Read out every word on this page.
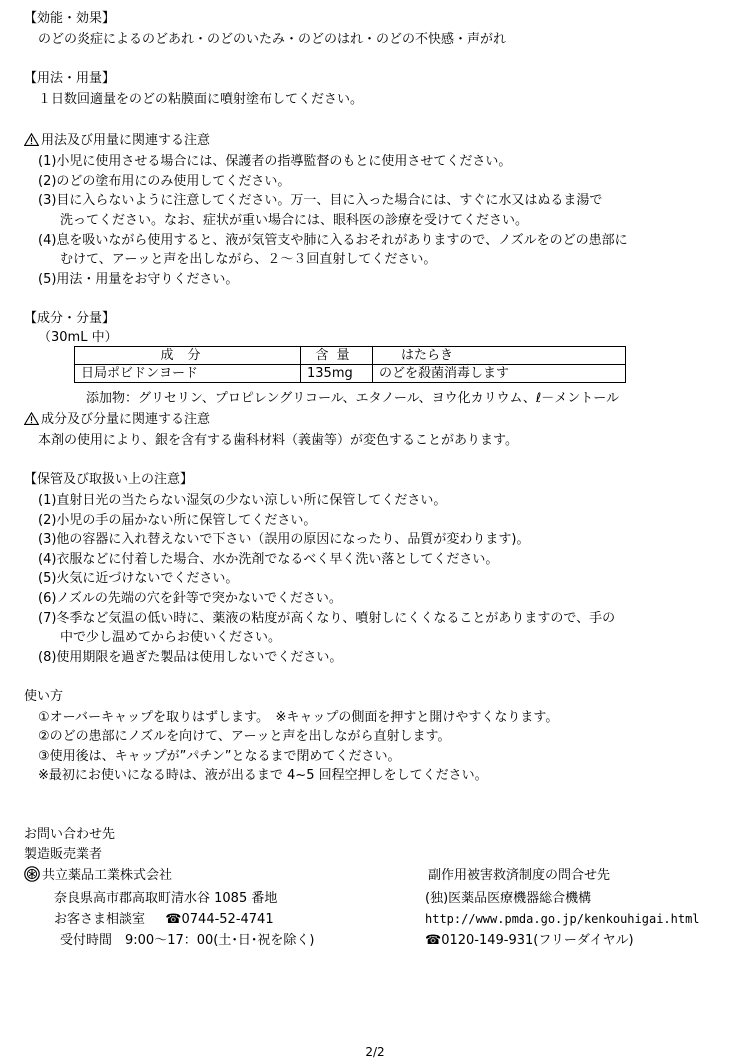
【効能・効果】
のどの炎症によるのどあれ・のどのいたみ・のどのはれ・のどの不快感・声がれ
【用法・用量】
１日数回適量をのどの粘膜面に噴射塗布してください。
用法及び用量に関連する注意
(1)小児に使用させる場合には、保護者の指導監督のもとに使用させてください。
(2)のどの塗布用にのみ使用してください。
(3)目に入らないように注意してください。万一、目に入った場合には、すぐに水又はぬるま湯で
洗ってください。なお、症状が重い場合には、眼科医の診療を受けてください。
(4)息を吸いながら使用すると、液が気管支や肺に入るおそれがありますので、ノズルをのどの患部に
むけて、アーッと声を出しながら、２～３回直射してください。
(5)用法・用量をお守りください。
【成分・分量】
（30mL 中）
成分	含量	はたらき
日局ポビドンヨード	135mg	のどを殺菌消毒します
添加物：グリセリン、プロピレングリコール、エタノール、ヨウ化カリウム、ℓ－メントール
成分及び分量に関連する注意
本剤の使用により、銀を含有する歯科材料（義歯等）が変色することがあります。
【保管及び取扱い上の注意】
(1)直射日光の当たらない湿気の少ない涼しい所に保管してください。
(2)小児の手の届かない所に保管してください。
(3)他の容器に入れ替えないで下さい（誤用の原因になったり、品質が変わります)。
(4)衣服などに付着した場合、水か洗剤でなるべく早く洗い落としてください。
(5)火気に近づけないでください。
(6)ノズルの先端の穴を針等で突かないでください。
(7)冬季など気温の低い時に、薬液の粘度が高くなり、噴射しにくくなることがありますので、手の
中で少し温めてからお使いください。
(8)使用期限を過ぎた製品は使用しないでください。
使い方
①オーバーキャップを取りはずします。　※キャップの側面を押すと開けやすくなります。
②のどの患部にノズルを向けて、アーッと声を出しながら直射します。
③使用後は、キャップが”パチン”となるまで閉めてください。
※最初にお使いになる時は、液が出るまで 4~5 回程空押しをしてください。
お問い合わせ先
製造販売業者
共立薬品工業株式会社
奈良県高市郡高取町清水谷 1085 番地
お客さま相談室 ☎0744-52-4741
受付時間　9:00～17：00(土･日･祝を除く)
副作用被害救済制度の問合せ先
(独)医薬品医療機器総合機構
http://www.pmda.go.jp/kenkouhigai.html
☎0120-149-931(フリーダイヤル)
2/2
